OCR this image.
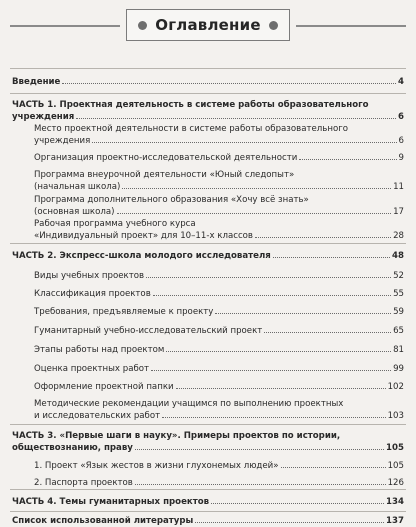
Оглавление
Введение	4
ЧАСТЬ 1. Проектная деятельность в системе работы образовательного
учреждения	6
Место проектной деятельности в системе работы образовательного
учреждения	6
Организация проектно-исследовательской деятельности	9
Программа внеурочной деятельности «Юный следопыт»
(начальная школа)	11
Программа дополнительного образования «Хочу всё знать»
(основная школа)	17
Рабочая программа учебного курса
«Индивидуальный проект» для 10–11-х классов	28
ЧАСТЬ 2. Экспресс-школа молодого исследователя	48
Виды учебных проектов	52
Классификация проектов	55
Требования, предъявляемые к проекту	59
Гуманитарный учебно-исследовательский проект	65
Этапы работы над проектом	81
Оценка проектных работ	99
Оформление проектной папки	102
Методические рекомендации учащимся по выполнению проектных
и исследовательских работ	103
ЧАСТЬ 3. «Первые шаги в науку». Примеры проектов по истории,
обществознанию, праву	105
1. Проект «Язык жестов в жизни глухонемых людей»	105
2. Паспорта проектов	126
ЧАСТЬ 4. Темы гуманитарных проектов	134
Список использованной литературы	137
